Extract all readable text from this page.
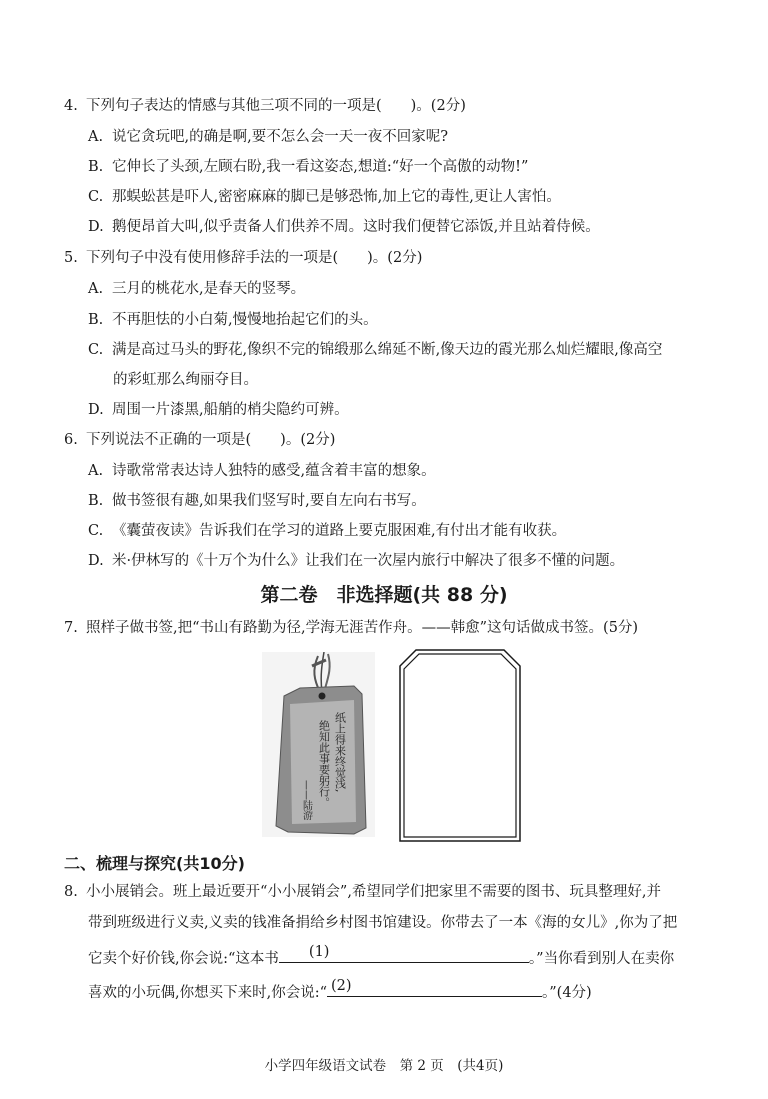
4. 下列句子表达的情感与其他三项不同的一项是(　　)。(2分)
A. 说它贪玩吧,的确是啊,要不怎么会一天一夜不回家呢?
B. 它伸长了头颈,左顾右盼,我一看这姿态,想道:“好一个高傲的动物!”
C. 那蜈蚣甚是吓人,密密麻麻的脚已是够恐怖,加上它的毒性,更让人害怕。
D. 鹅便昂首大叫,似乎责备人们供养不周。这时我们便替它添饭,并且站着侍候。
5. 下列句子中没有使用修辞手法的一项是(　　)。(2分)
A. 三月的桃花水,是春天的竖琴。
B. 不再胆怯的小白菊,慢慢地抬起它们的头。
C. 满是高过马头的野花,像织不完的锦缎那么绵延不断,像天边的霞光那么灿烂耀眼,像高空
的彩虹那么绚丽夺目。
D. 周围一片漆黑,船艄的梢尖隐约可辨。
6. 下列说法不正确的一项是(　　)。(2分)
A. 诗歌常常表达诗人独特的感受,蕴含着丰富的想象。
B. 做书签很有趣,如果我们竖写时,要自左向右书写。
C. 《囊萤夜读》告诉我们在学习的道路上要克服困难,有付出才能有收获。
D. 米·伊林写的《十万个为什么》让我们在一次屋内旅行中解决了很多不懂的问题。
第二卷　非选择题(共 88 分)
7. 照样子做书签,把“书山有路勤为径,学海无涯苦作舟。——韩愈”这句话做成书签。(5分)
纸上得来终觉浅,
绝知此事要躬行。
——陆游
二、梳理与探究(共10分)
8. 小小展销会。班上最近要开“小小展销会”,希望同学们把家里不需要的图书、玩具整理好,并
带到班级进行义卖,义卖的钱准备捐给乡村图书馆建设。你带去了一本《海的女儿》,你为了把
它卖个好价钱,你会说:“这本书 (1)	。”当你看到别人在卖你
喜欢的小玩偶,你想买下来时,你会说:“ (2)	。”(4分)
小学四年级语文试卷　第 2 页　(共4页)
